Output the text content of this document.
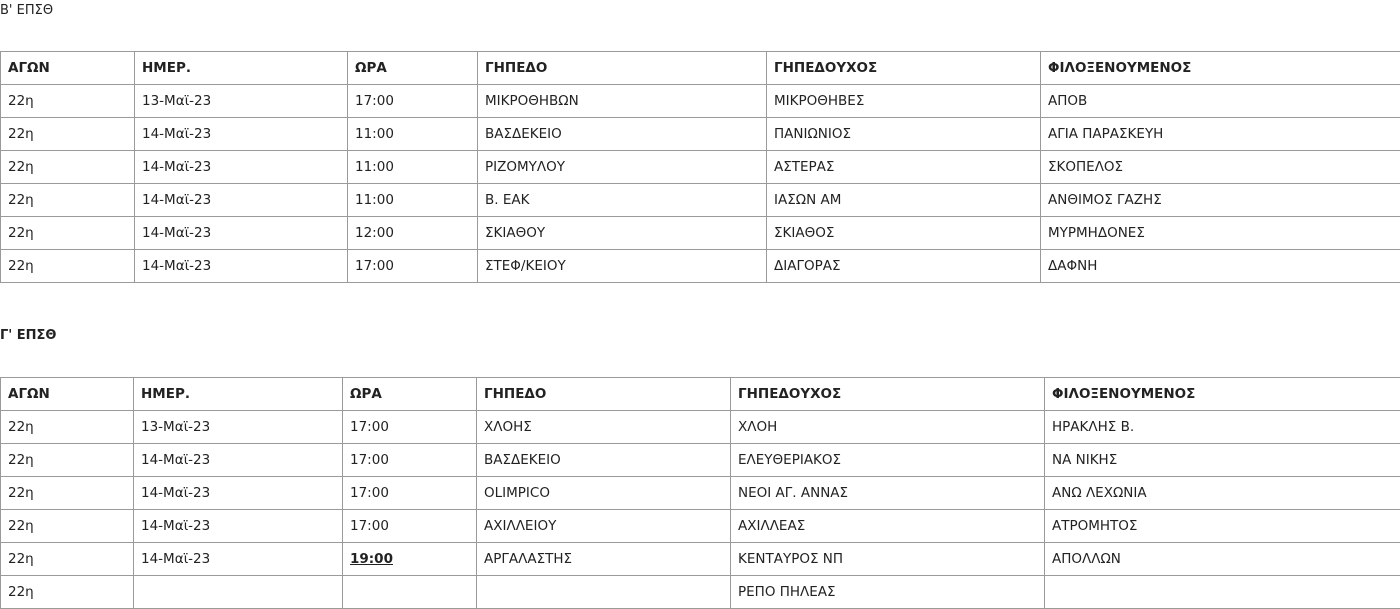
Β' ΕΠΣΘ
ΑΓΩΝ	ΗΜΕΡ.	ΩΡΑ	ΓΗΠΕΔΟ	ΓΗΠΕΔΟΥΧΟΣ	ΦΙΛΟΞΕΝΟΥΜΕΝΟΣ
22η	13-Μαϊ-23	17:00	ΜΙΚΡΟΘΗΒΩΝ	ΜΙΚΡΟΘΗΒΕΣ	ΑΠΟΒ
22η	14-Μαϊ-23	11:00	ΒΑΣΔΕΚΕΙΟ	ΠΑΝΙΩΝΙΟΣ	ΑΓΙΑ ΠΑΡΑΣΚΕΥΗ
22η	14-Μαϊ-23	11:00	ΡΙΖΟΜΥΛΟΥ	ΑΣΤΕΡΑΣ	ΣΚΟΠΕΛΟΣ
22η	14-Μαϊ-23	11:00	Β. ΕΑΚ	ΙΑΣΩΝ ΑΜ	ΑΝΘΙΜΟΣ ΓΑΖΗΣ
22η	14-Μαϊ-23	12:00	ΣΚΙΑΘΟΥ	ΣΚΙΑΘΟΣ	ΜΥΡΜΗΔΟΝΕΣ
22η	14-Μαϊ-23	17:00	ΣΤΕΦ/ΚΕΙΟΥ	ΔΙΑΓΟΡΑΣ	ΔΑΦΝΗ
Γ' ΕΠΣΘ
ΑΓΩΝ	ΗΜΕΡ.	ΩΡΑ	ΓΗΠΕΔΟ	ΓΗΠΕΔΟΥΧΟΣ	ΦΙΛΟΞΕΝΟΥΜΕΝΟΣ
22η	13-Μαϊ-23	17:00	ΧΛΟΗΣ	ΧΛΟΗ	ΗΡΑΚΛΗΣ Β.
22η	14-Μαϊ-23	17:00	ΒΑΣΔΕΚΕΙΟ	ΕΛΕΥΘΕΡΙΑΚΟΣ	ΝΑ ΝΙΚΗΣ
22η	14-Μαϊ-23	17:00	OLIMPICO	ΝΕΟΙ ΑΓ. ΑΝΝΑΣ	ΑΝΩ ΛΕΧΩΝΙΑ
22η	14-Μαϊ-23	17:00	ΑΧΙΛΛΕΙΟΥ	ΑΧΙΛΛΕΑΣ	ΑΤΡΟΜΗΤΟΣ
22η	14-Μαϊ-23	19:00	ΑΡΓΑΛΑΣΤΗΣ	ΚΕΝΤΑΥΡΟΣ ΝΠ	ΑΠΟΛΛΩΝ
22η				ΡΕΠΟ ΠΗΛΕΑΣ	
